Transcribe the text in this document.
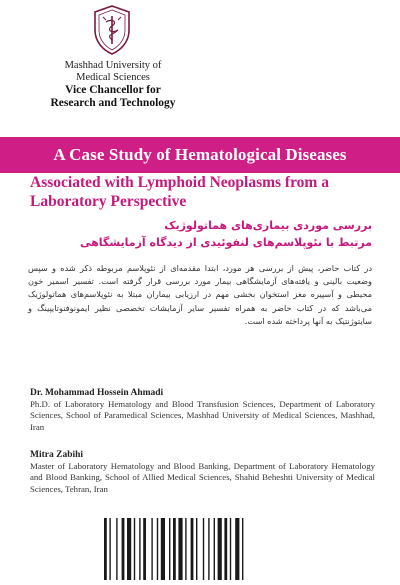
Mashhad University of
Medical Sciences
Vice Chancellor for
Research and Technology
A Case Study of Hematological Diseases
Associated with Lymphoid Neoplasms from a Laboratory Perspective
بررسی موردی بیماری‌های هماتولوژیک
مرتبط با نئوپلاسم‌های لنفوئیدی از دیدگاه آزمایشگاهی
در کتاب حاضر، پیش از بررسی هر مورد، ابتدا مقدمه‌ای از نئوپلاسم مربوطه ذکر شده و سپس وضعیت بالینی و یافته‌های آزمایشگاهی بیمار مورد بررسی قرار گرفته است. تفسیر اسمیر خون محیطی و آسپیره مغز استخوان بخشی مهم در ارزیابی بیماران مبتلا به نئوپلاسم‌های هماتولوژیک می‌باشد که در کتاب حاضر به همراه تفسیر سایر آزمایشات تخصصی نظیر ایمونوفنوتایپینگ و سایتوژنتیک به آنها پرداخته شده است.
Dr. Mohammad Hossein Ahmadi
Ph.D. of Laboratory Hematology and Blood Transfusion Sciences, Department of Laboratory Sciences, School of Paramedical Sciences, Mashhad University of Medical Sciences, Mashhad, Iran
Mitra Zabihi
Master of Laboratory Hematology and Blood Banking, Department of Laboratory Hematology and Blood Banking, School of Allied Medical Sciences, Shahid Beheshti University of Medical Sciences, Tehran, Iran
